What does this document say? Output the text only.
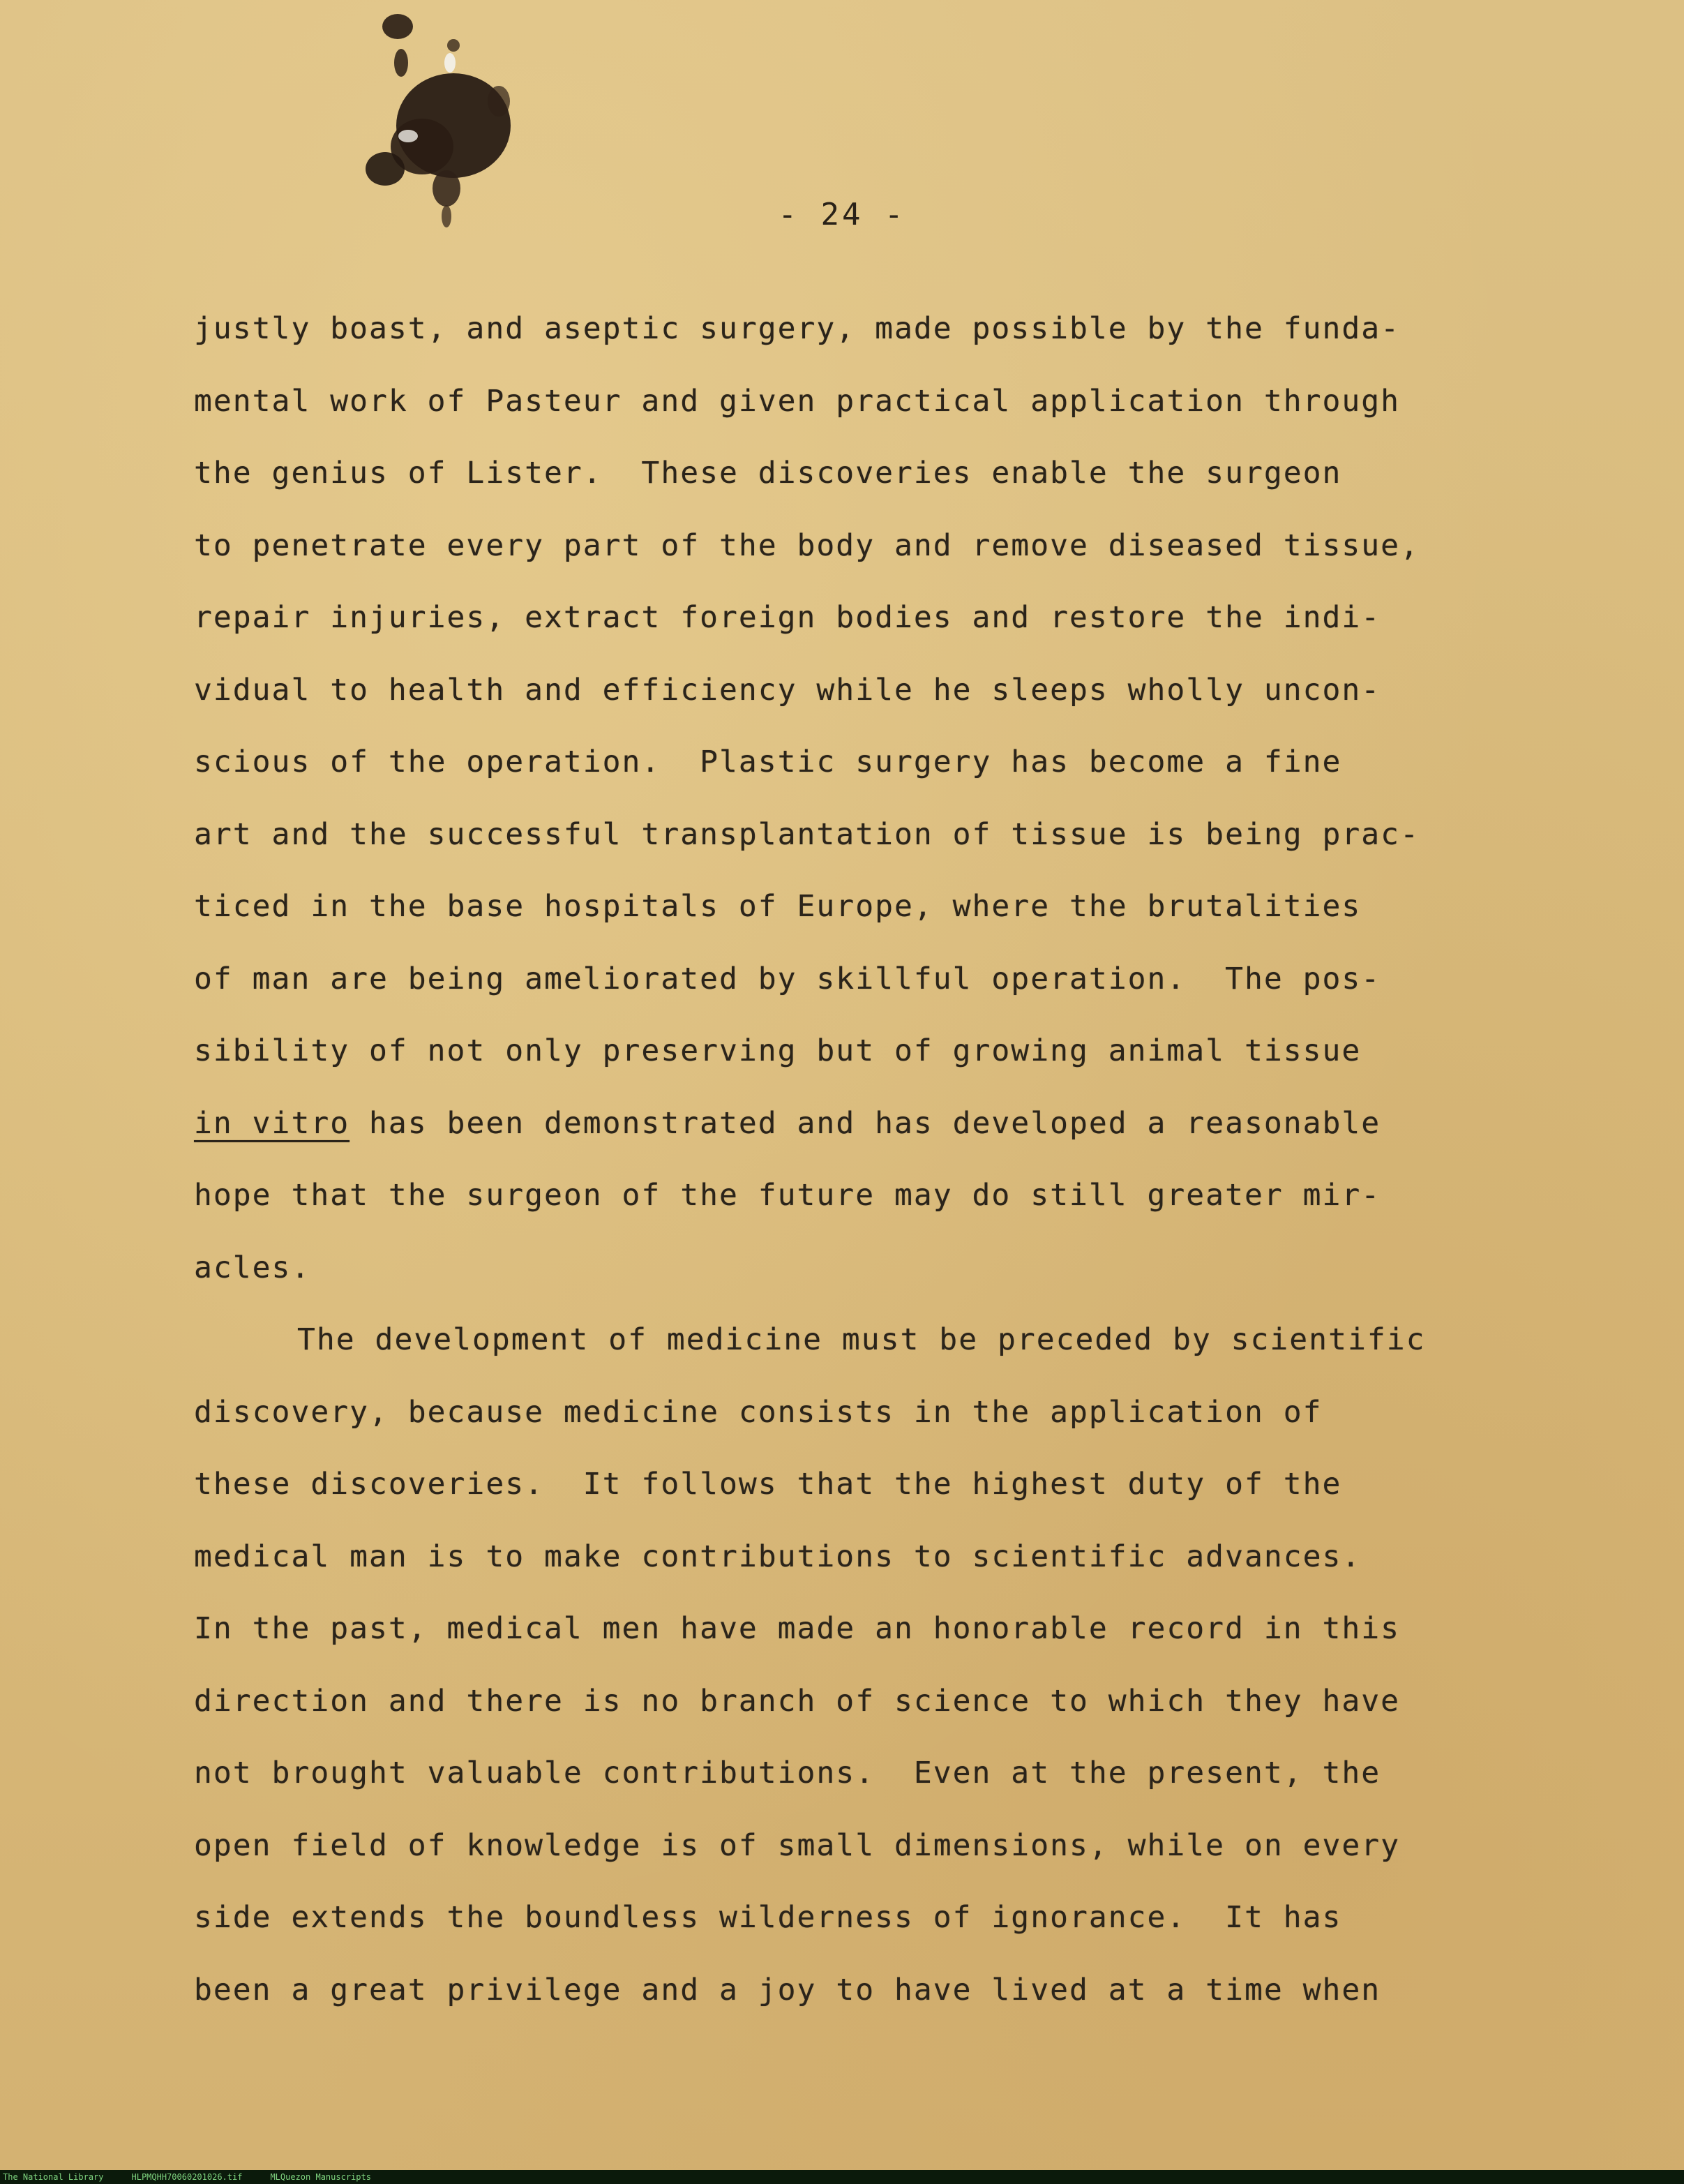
- 24 -
justly boast, and aseptic surgery, made possible by the funda-
mental work of Pasteur and given practical application through
the genius of Lister.  These discoveries enable the surgeon
to penetrate every part of the body and remove diseased tissue,
repair injuries, extract foreign bodies and restore the indi-
vidual to health and efficiency while he sleeps wholly uncon-
scious of the operation.  Plastic surgery has become a fine
art and the successful transplantation of tissue is being prac-
ticed in the base hospitals of Europe, where the brutalities
of man are being ameliorated by skillful operation.  The pos-
sibility of not only preserving but of growing animal tissue
in vitro has been demonstrated and has developed a reasonable
hope that the surgeon of the future may do still greater mir-
acles.
The development of medicine must be preceded by scientific
discovery, because medicine consists in the application of
these discoveries.  It follows that the highest duty of the
medical man is to make contributions to scientific advances.
In the past, medical men have made an honorable record in this
direction and there is no branch of science to which they have
not brought valuable contributions.  Even at the present, the
open field of knowledge is of small dimensions, while on every
side extends the boundless wilderness of ignorance.  It has
been a great privilege and a joy to have lived at a time when
The National Library	HLPMQHH70060201026.tif	MLQuezon Manuscripts
